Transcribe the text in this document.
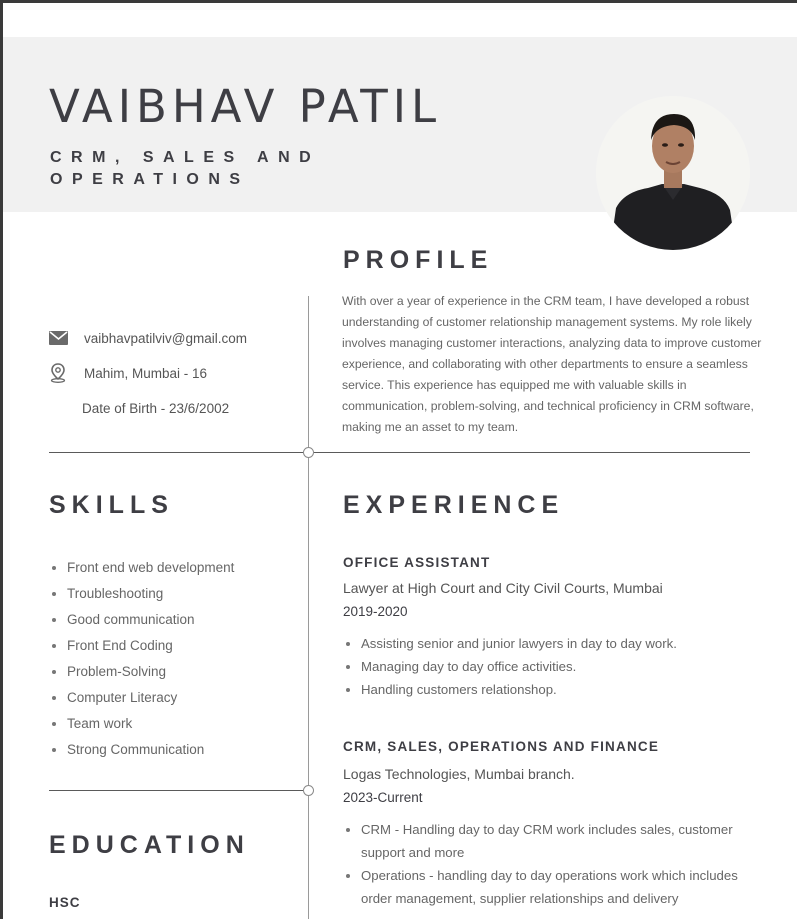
VAIBHAV PATIL
CRM, SALES AND OPERATIONS
PROFILE

With over a year of experience in the CRM team, I have developed a robust understanding of customer relationship management systems. My role likely involves managing customer interactions, analyzing data to improve customer experience, and collaborating with other departments to ensure a seamless service. This experience has equipped me with valuable skills in communication, problem-solving, and technical proficiency in CRM software, making me an asset to my team.

vaibhavpatilviv@gmail.com
Mahim, Mumbai - 16
Date of Birth - 23/6/2002
SKILLS
Front end web development
Troubleshooting
Good communication
Front End Coding
Problem-Solving
Computer Literacy
Team work
Strong Communication
EXPERIENCE
OFFICE ASSISTANT
Lawyer at High Court and City Civil Courts, Mumbai
2019-2020
Assisting senior and junior lawyers in day to day work.
Managing day to day office activities.
Handling customers relationshop.
CRM, SALES, OPERATIONS AND FINANCE
Logas Technologies, Mumbai branch.
2023-Current
CRM - Handling day to day CRM work includes sales, customer support and more
Operations - handling day to day operations work which includes order management, supplier relationships and delivery
EDUCATION
HSC
